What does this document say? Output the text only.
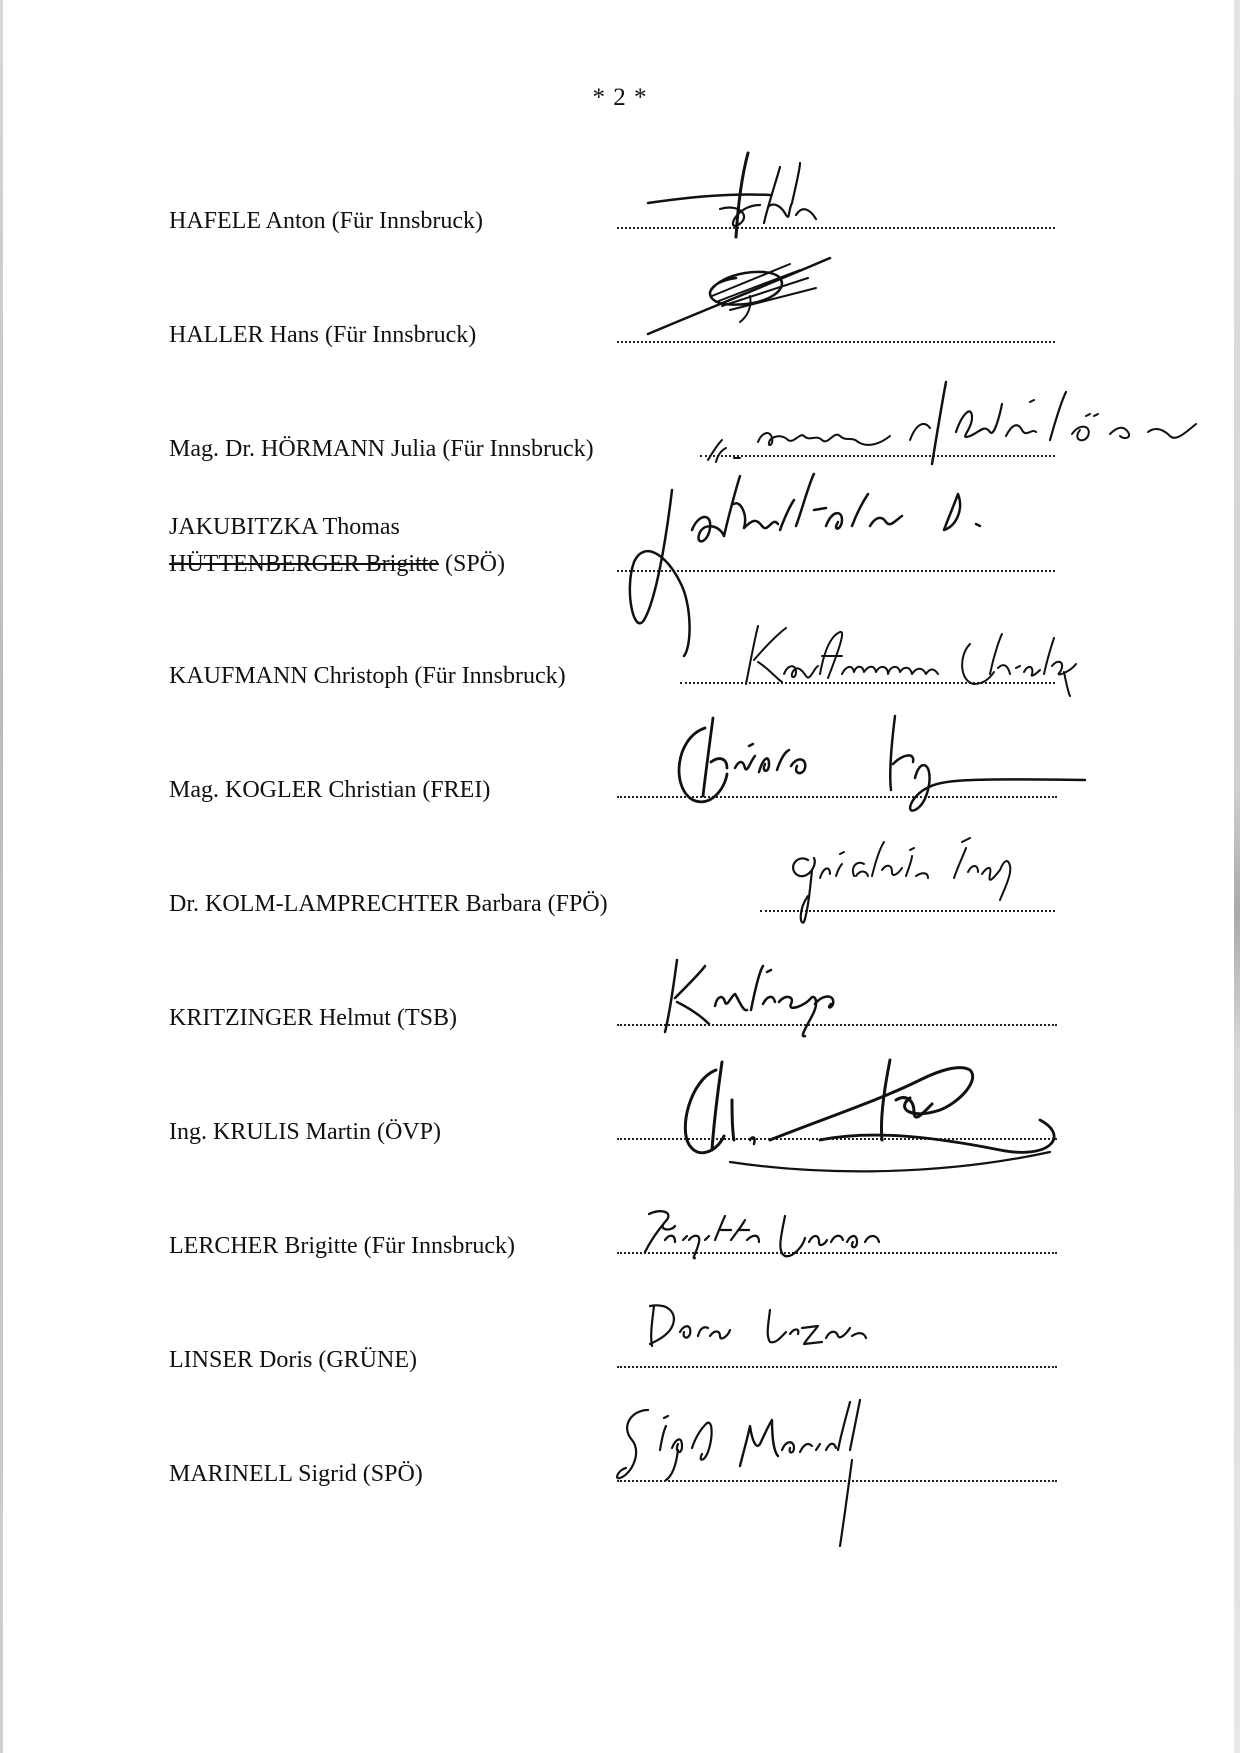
* 2 *
HAFELE Anton (Für Innsbruck)
HALLER Hans (Für Innsbruck)
Mag. Dr. HÖRMANN Julia (Für Innsbruck)
JAKUBITZKA Thomas
HÜTTENBERGER Brigitte (SPÖ)
KAUFMANN Christoph (Für Innsbruck)
Mag. KOGLER Christian (FREI)
Dr. KOLM-LAMPRECHTER Barbara (FPÖ)
KRITZINGER Helmut (TSB)
Ing. KRULIS Martin (ÖVP)
LERCHER Brigitte (Für Innsbruck)
LINSER Doris (GRÜNE)
MARINELL Sigrid (SPÖ)
